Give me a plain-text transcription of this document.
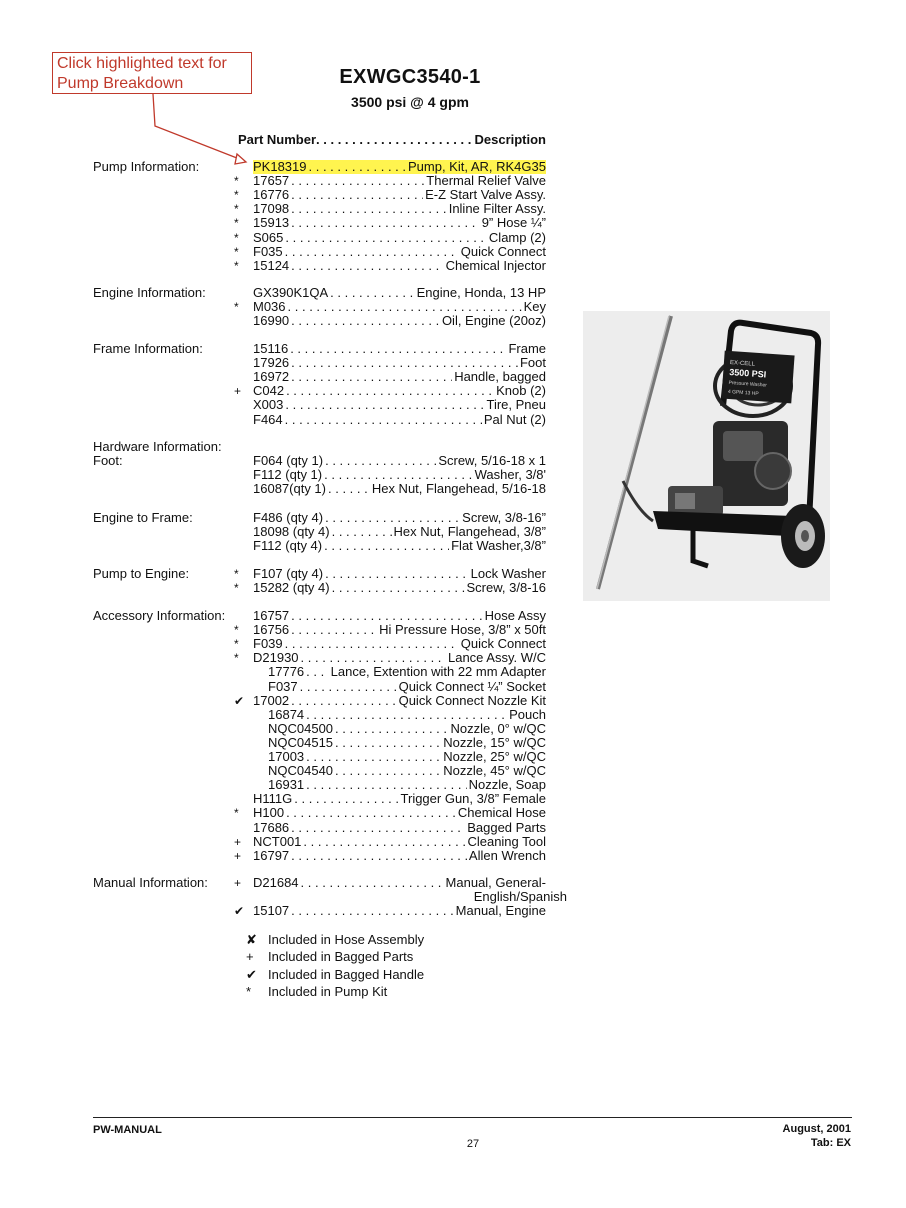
Click highlighted text for
Pump Breakdown	EXWGC3540-1
3500 psi @ 4 gpm
Part Number . . .	Description
Pump Information:	PK18319 . . .	Pump, Kit, AR, RK4G35
*	17657 . . .	Thermal Relief Valve
*	16776 . . .	E-Z Start Valve Assy.
*	17098 . . .	Inline Filter Assy.
*	15913 . . .	9” Hose ¼”
*	S065 . . .	Clamp (2)
*	F035 . . .	Quick Connect
*	15124 . . .	Chemical Injector
Engine Information:	GX390K1QA . . .	Engine, Honda, 13 HP
*	M036 . . .	Key
16990 . . .	Oil, Engine (20oz)
Frame Information:	15116 . . .	Frame
17926 . . .	Foot
16972 . . .	Handle, bagged
+ C042 . . .	Knob (2)
X003 . . .	Tire, Pneu
F464 . . .	Pal Nut (2)
Hardware Information:
Foot:	F064 (qty 1) . . .	Screw, 5/16-18 x 1
F112 (qty 1) . . .	Washer, 3/8'
16087(qty 1) . . .	Hex Nut, Flangehead, 5/16-18
Engine to Frame:	F486 (qty 4) . . .	Screw, 3/8-16”
18098 (qty 4) . . .	Hex Nut, Flangehead, 3/8”
F112 (qty 4) . . .	Flat Washer,3/8”
Pump to Engine:	*	F107 (qty 4) . . .	Lock Washer
*	15282 (qty 4) . . .	Screw, 3/8-16
Accessory Information: 16757 . . .	Hose Assy
*	16756 . . .	Hi Pressure Hose, 3/8” x 50ft
*	F039 . . .	Quick Connect
*	D21930 . . .	Lance Assy. W/C
17776 . . . Lance, Extention with 22 mm Adapter
F037 . . .	Quick Connect ¼” Socket
✔ 17002 . . .	Quick Connect Nozzle Kit
16874 . . .	Pouch
NQC04500 . . .	Nozzle, 0° w/QC
NQC04515 . . .	Nozzle, 15° w/QC
17003 . . .	Nozzle, 25° w/QC
NQC04540 . . .	Nozzle, 45° w/QC
16931 . . .	Nozzle, Soap
H111G . . .	Trigger Gun, 3/8” Female
*	H100 . . .	Chemical Hose
17686 . . .	Bagged Parts
+ NCT001 . . .	Cleaning Tool
+ 16797 . . .	Allen Wrench
Manual Information: + D21684 . . .	Manual, General-
English/Spanish
✔ 15107 . . .	Manual, Engine
EX-CELL
3500 PSI
Pressure Washer
4 GPM 13 HP
✘ Included in Hose Assembly
+ Included in Bagged Parts
✔ Included in Bagged Handle
* Included in Pump Kit
PW-MANUAL
27
August, 2001
Tab: EX
